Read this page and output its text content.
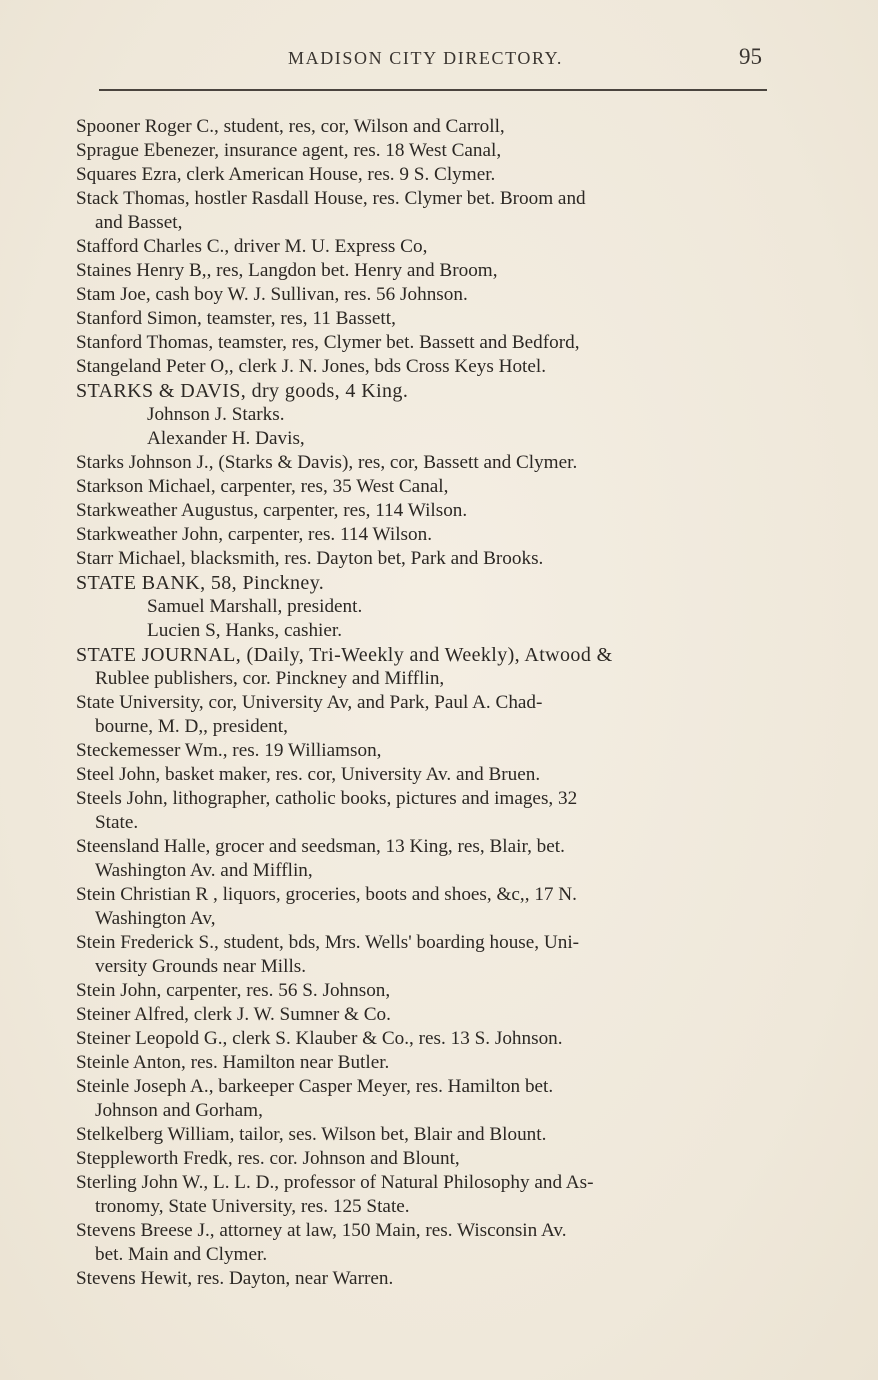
MADISON CITY DIRECTORY.	95
Spooner Roger C., student, res, cor, Wilson and Carroll,
Sprague Ebenezer, insurance agent, res. 18 West Canal,
Squares Ezra, clerk American House, res. 9 S. Clymer.
Stack Thomas, hostler Rasdall House, res. Clymer bet. Broom and
and Basset,
Stafford Charles C., driver M. U. Express Co,
Staines Henry B,, res, Langdon bet. Henry and Broom,
Stam Joe, cash boy W. J. Sullivan, res. 56 Johnson.
Stanford Simon, teamster, res, 11 Bassett,
Stanford Thomas, teamster, res, Clymer bet. Bassett and Bedford,
Stangeland Peter O,, clerk J. N. Jones, bds Cross Keys Hotel.
STARKS & DAVIS, dry goods, 4 King.
Johnson J. Starks.
Alexander H. Davis,
Starks Johnson J., (Starks & Davis), res, cor, Bassett and Clymer.
Starkson Michael, carpenter, res, 35 West Canal,
Starkweather Augustus, carpenter, res, 114 Wilson.
Starkweather John, carpenter, res. 114 Wilson.
Starr Michael, blacksmith, res. Dayton bet, Park and Brooks.
STATE BANK, 58, Pinckney.
Samuel Marshall, president.
Lucien S, Hanks, cashier.
STATE JOURNAL, (Daily, Tri-Weekly and Weekly), Atwood &
Rublee publishers, cor. Pinckney and Mifflin,
State University, cor, University Av, and Park, Paul A. Chad-
bourne, M. D,, president,
Steckemesser Wm., res. 19 Williamson,
Steel John, basket maker, res. cor, University Av. and Bruen.
Steels John, lithographer, catholic books, pictures and images, 32
State.
Steensland Halle, grocer and seedsman, 13 King, res, Blair, bet.
Washington Av. and Mifflin,
Stein Christian R , liquors, groceries, boots and shoes, &c,, 17 N.
Washington Av,
Stein Frederick S., student, bds, Mrs. Wells' boarding house, Uni-
versity Grounds near Mills.
Stein John, carpenter, res. 56 S. Johnson,
Steiner Alfred, clerk J. W. Sumner & Co.
Steiner Leopold G., clerk S. Klauber & Co., res. 13 S. Johnson.
Steinle Anton, res. Hamilton near Butler.
Steinle Joseph A., barkeeper Casper Meyer, res. Hamilton bet.
Johnson and Gorham,
Stelkelberg William, tailor, ses. Wilson bet, Blair and Blount.
Steppleworth Fredk, res. cor. Johnson and Blount,
Sterling John W., L. L. D., professor of Natural Philosophy and As-
tronomy, State University, res. 125 State.
Stevens Breese J., attorney at law, 150 Main, res. Wisconsin Av.
bet. Main and Clymer.
Stevens Hewit, res. Dayton, near Warren.
